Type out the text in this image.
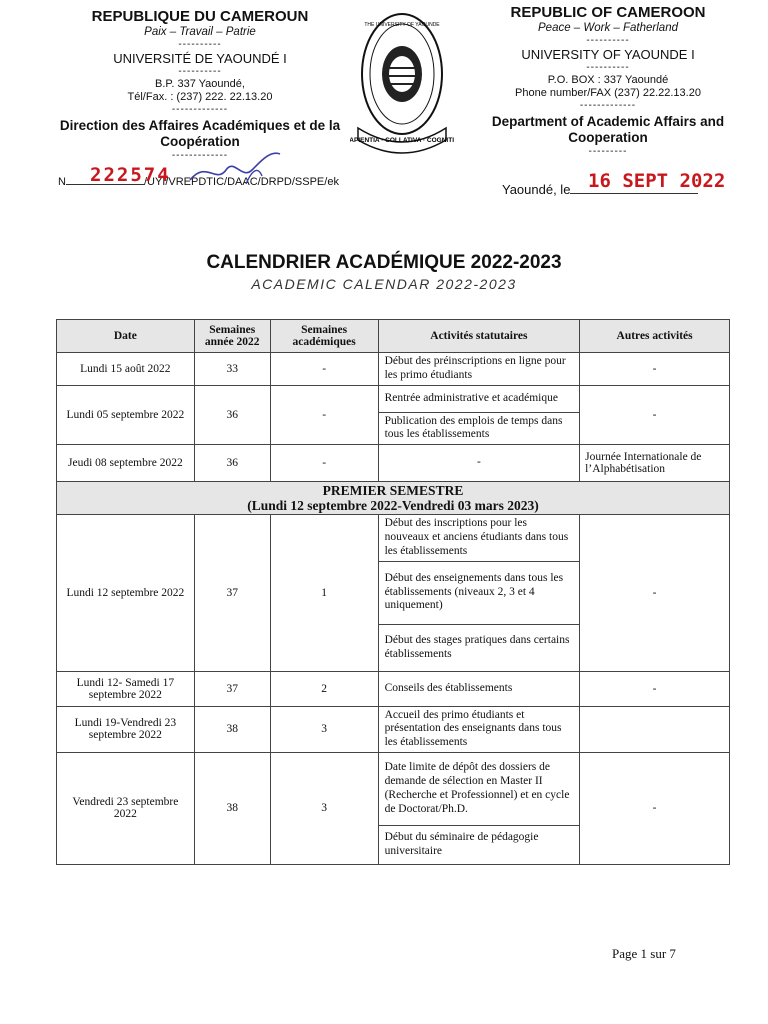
REPUBLIQUE DU CAMEROUN
Paix – Travail – Patrie
----------
UNIVERSITÉ DE YAOUNDÉ I
----------
B.P. 337 Yaoundé,
Tél/Fax. : (237) 222. 22.13.20
-------------
Direction des Affaires Académiques et de la Coopération
-------------
SAPIENTIA · COLLATIVA · COGNITIO
THE UNIVERSITY OF YAOUNDE
REPUBLIC OF CAMEROON
Peace – Work – Fatherland
----------
UNIVERSITY OF YAOUNDE I
----------
P.O. BOX : 337 Yaoundé
Phone number/FAX (237) 22.22.13.20
-------------
Department of Academic Affairs and Cooperation
---------
N	/UYI/VREPDTIC/DAAC/DRPD/SSPE/ek
222574
Yaoundé, le 16 SEPT 2022
CALENDRIER ACADÉMIQUE 2022-2023
ACADEMIC CALENDAR 2022-2023
Date	Semaines année 2022	Semaines académiques	Activités statutaires	Autres activités
Lundi 15 août 2022	33	-	Début des préinscriptions en ligne pour les primo étudiants	-
Lundi 05 septembre 2022	36	-	Rentrée administrative et académique
Publication des emplois de temps dans tous les établissements	-
Jeudi 08 septembre 2022	36	-	-	Journée Internationale de l’Alphabétisation

PREMIER SEMESTRE
(Lundi 12 septembre 2022-Vendredi 03 mars 2023)				

Lundi 12 septembre 2022	37	1	Début des inscriptions pour les nouveaux et anciens étudiants dans tous les établissements
Début des enseignements dans tous les établissements (niveaux 2, 3 et 4 uniquement)
Début des stages pratiques dans certains établissements	-
Lundi 12- Samedi 17 septembre 2022	37	2	Conseils des établissements	-
Lundi 19-Vendredi 23 septembre 2022	38	3	Accueil des primo étudiants et présentation des enseignants dans tous les établissements	

Vendredi 23 septembre 2022	38	3	Date limite de dépôt des dossiers de demande de sélection en Master II (Recherche et Professionnel) et en cycle de Doctorat/Ph.D.
Début du séminaire de pédagogie universitaire	-
Page 1 sur 7
